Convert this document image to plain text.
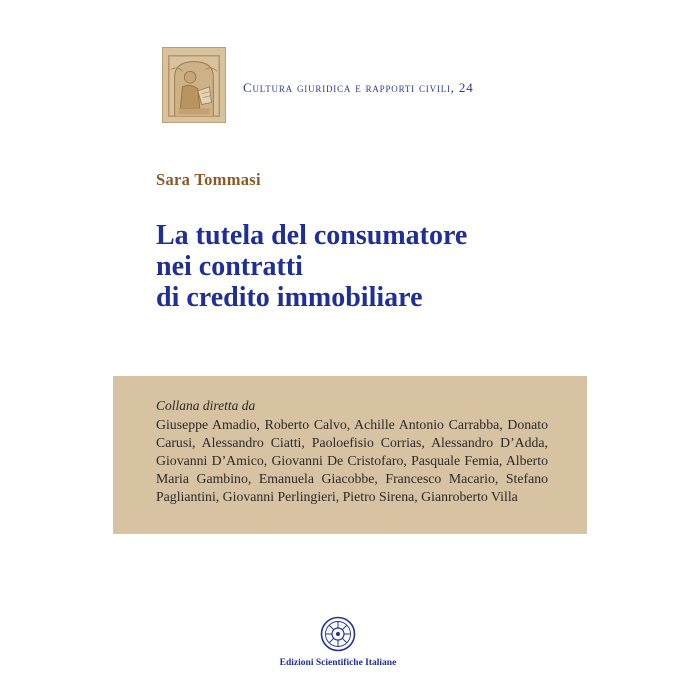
Cultura giuridica e rapporti civili, 24
Sara Tommasi
La tutela del consumatore
nei contratti
di credito immobiliare
Collana diretta da

Giuseppe Amadio, Roberto Calvo, Achille Antonio Carrabba, Donato Carusi, Alessandro Ciatti, Paoloefisio Corrias, Alessandro D’Adda, Giovanni D’Amico, Giovanni De Cristofaro, Pasquale Femia, Alberto Maria Gambino, Emanuela Giacobbe, Francesco Macario, Stefano Pagliantini, Giovanni Perlingieri, Pietro Sirena, Gianroberto Villa

Edizioni Scientifiche Italiane
